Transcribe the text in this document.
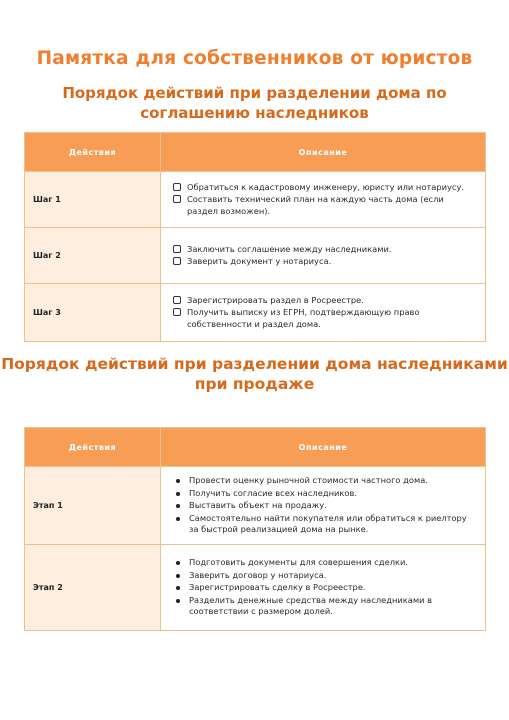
Памятка для собственников от юристов
Порядок действий при разделении дома по
соглашению наследников
Действия	Описание
Шаг 1	Обратиться к кадастровому инженеру, юристу или нотариусу.
Составить технический план на каждую часть дома (если раздел возможен).

Шаг 2	Заключить соглашение между наследниками.
Заверить документ у нотариуса.

Шаг 3	Зарегистрировать раздел в Росреестре.
Получить выписку из ЕГРН, подтверждающую право собственности и раздел дома.
Порядок действий при разделении дома наследниками
при продаже
Действия	Описание
Этап 1	Провести оценку рыночной стоимости частного дома.
Получить согласие всех наследников.
Выставить объект на продажу.
Самостоятельно найти покупателя или обратиться к риелтору за быстрой реализацией дома на рынке.

Этап 2	Подготовить документы для совершения сделки.
Заверить договор у нотариуса.
Зарегистрировать сделку в Росреестре.
Разделить денежные средства между наследниками в соответствии с размером долей.
